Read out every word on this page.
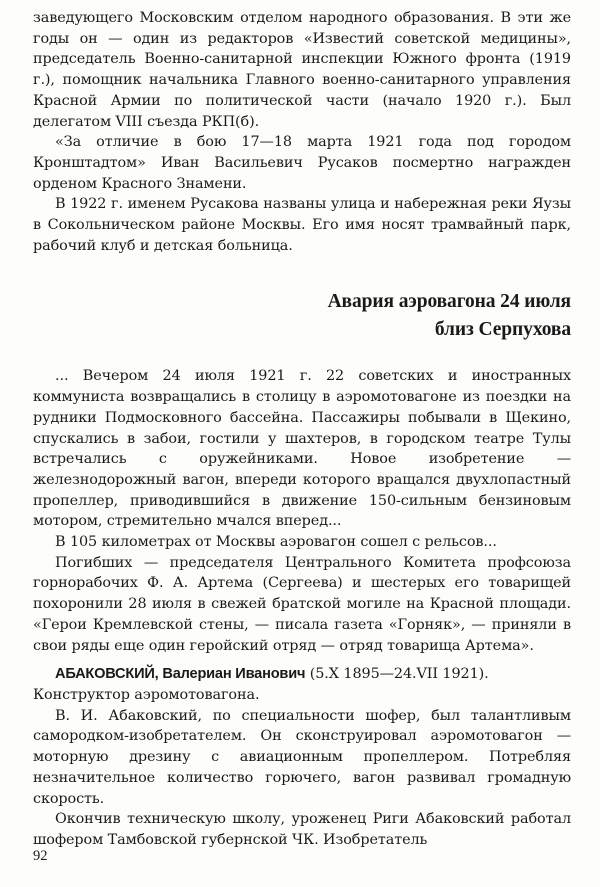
заведующего Московским отделом народного образования. В эти же годы он — один из редакторов «Известий советской медицины», председатель Военно-санитарной инспекции Южного фронта (1919 г.), помощник начальника Главного военно-санитарного управления Красной Армии по политической части (начало 1920 г.). Был делегатом VIII съезда РКП(б).

«За отличие в бою 17—18 марта 1921 года под городом Кронштадтом» Иван Васильевич Русаков посмертно награжден орденом Красного Знамени.

В 1922 г. именем Русакова названы улица и набережная реки Яузы в Сокольническом районе Москвы. Его имя носят трамвайный парк, рабочий клуб и детская больница.

Авария аэровагона 24 июля
близ Серпухова

... Вечером 24 июля 1921 г. 22 советских и иностранных коммуниста возвращались в столицу в аэромотовагоне из поездки на рудники Подмосковного бассейна. Пассажиры побывали в Щекино, спускались в забои, гостили у шахтеров, в городском театре Тулы встречались с оружейниками. Новое изобретение — железнодорожный вагон, впереди которого вращался двухлопастный пропеллер, приводившийся в движение 150-сильным бензиновым мотором, стремительно мчался вперед...

В 105 километрах от Москвы аэровагон сошел с рельсов...

Погибших — председателя Центрального Комитета профсоюза горнорабочих Ф. А. Артема (Сергеева) и шестерых его товарищей похоронили 28 июля в свежей братской могиле на Красной площади. «Герои Кремлевской стены, — писала газета «Горняк», — приняли в свои ряды еще один геройский отряд — отряд товарища Артема».

АБАКОВСКИЙ, Валериан Иванович (5.X 1895—24.VII 1921).

Конструктор аэромотовагона.

В. И. Абаковский, по специальности шофер, был талантливым самородком-изобретателем. Он сконструировал аэромотовагон — моторную дрезину с авиационным пропеллером. Потребляя незначительное количество горючего, вагон развивал громадную скорость.

Окончив техническую школу, уроженец Риги Абаковский работал шофером Тамбовской губернской ЧК. Изобретатель

92
